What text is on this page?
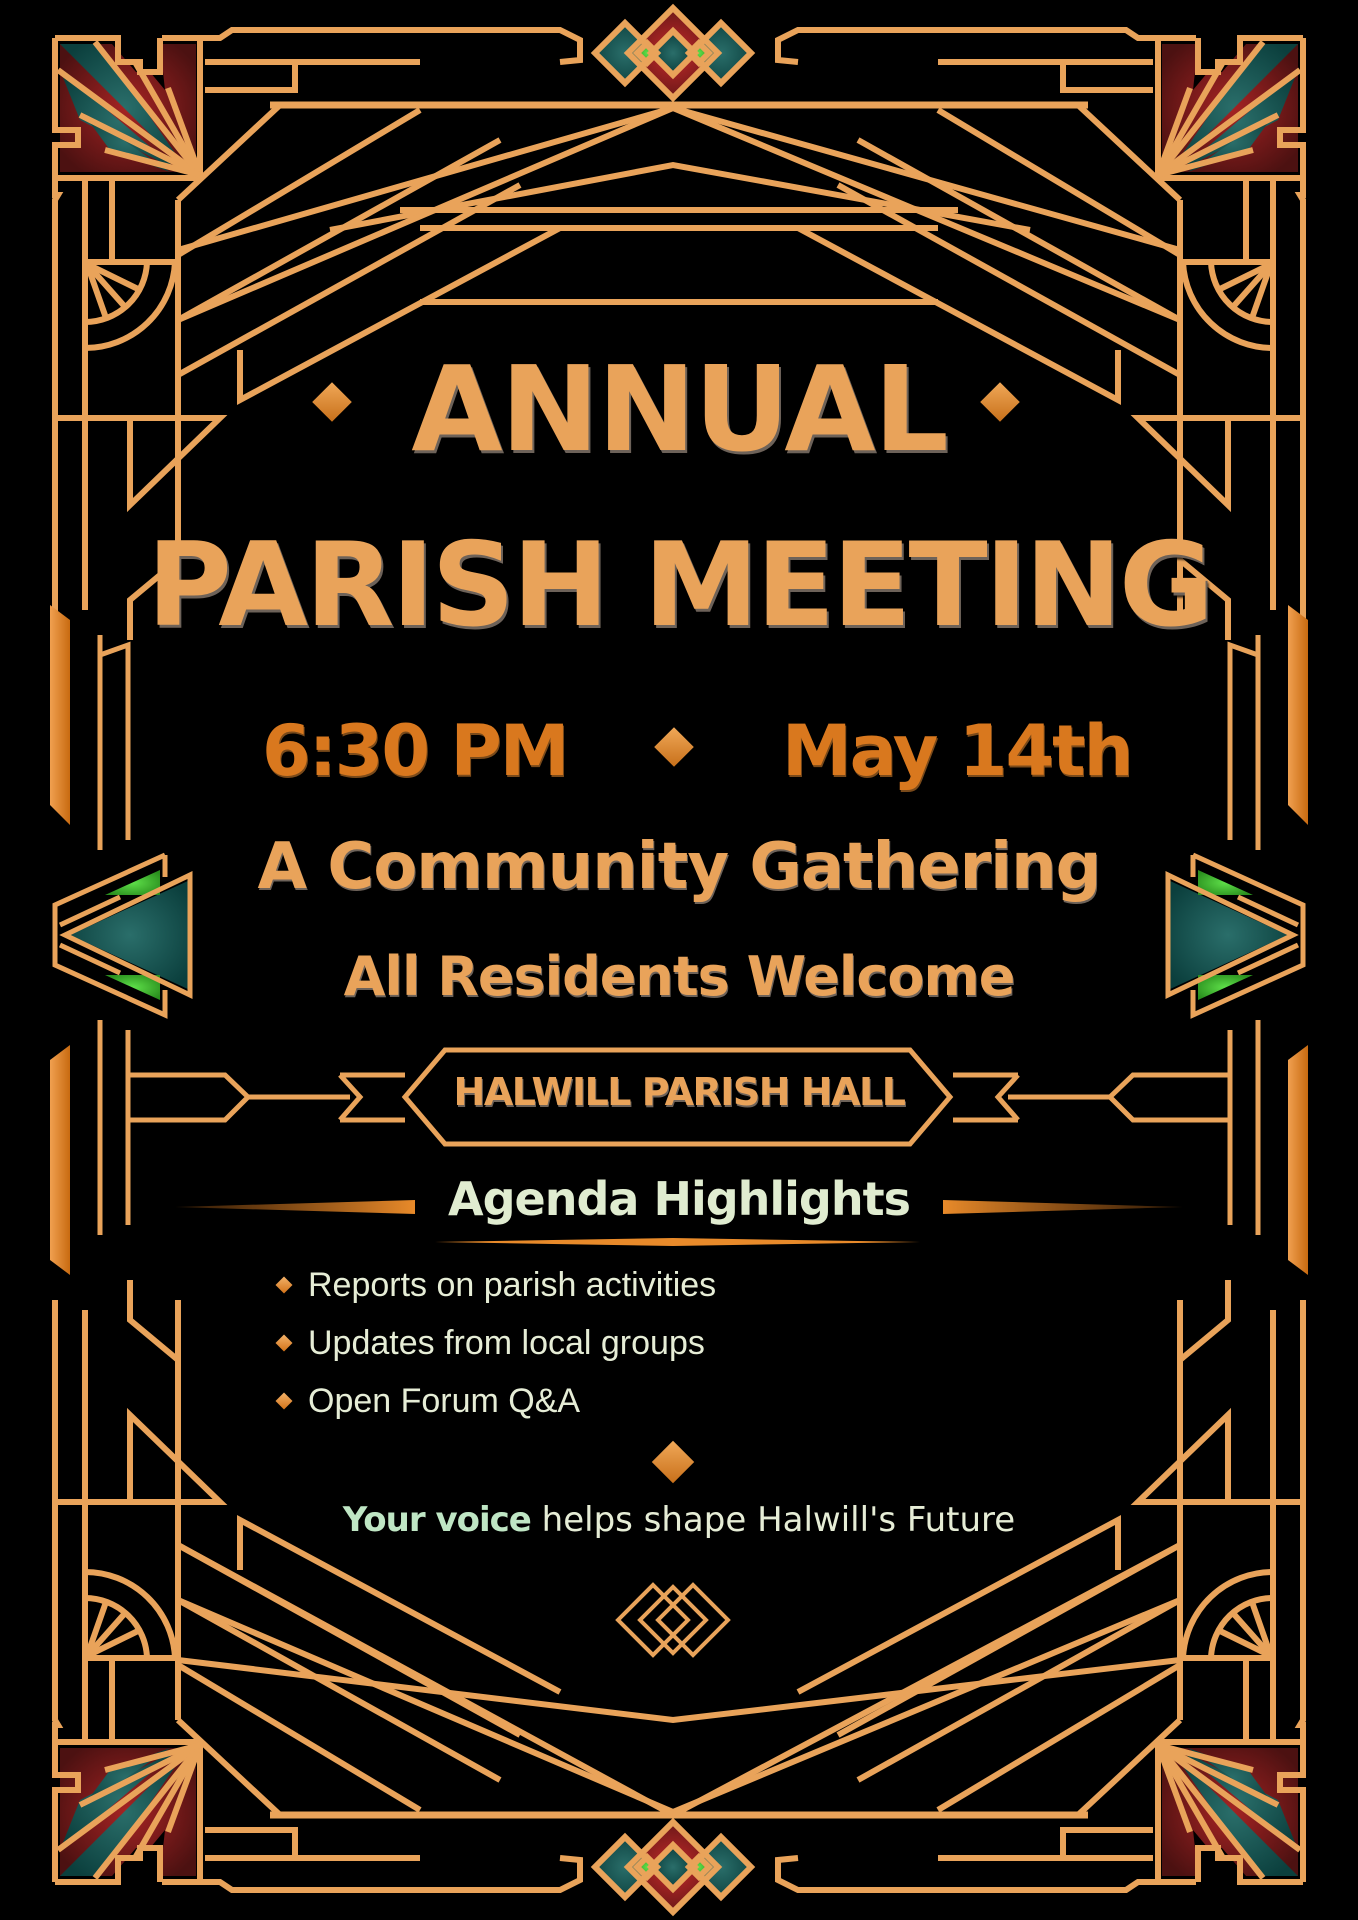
ANNUAL
PARISH MEETING
6:30 PM	May 14th
A Community Gathering
All Residents Welcome
HALWILL PARISH HALL
Agenda Highlights
Reports on parish activities
Updates from local groups
Open Forum Q&A
Your voice helps shape Halwill's Future
